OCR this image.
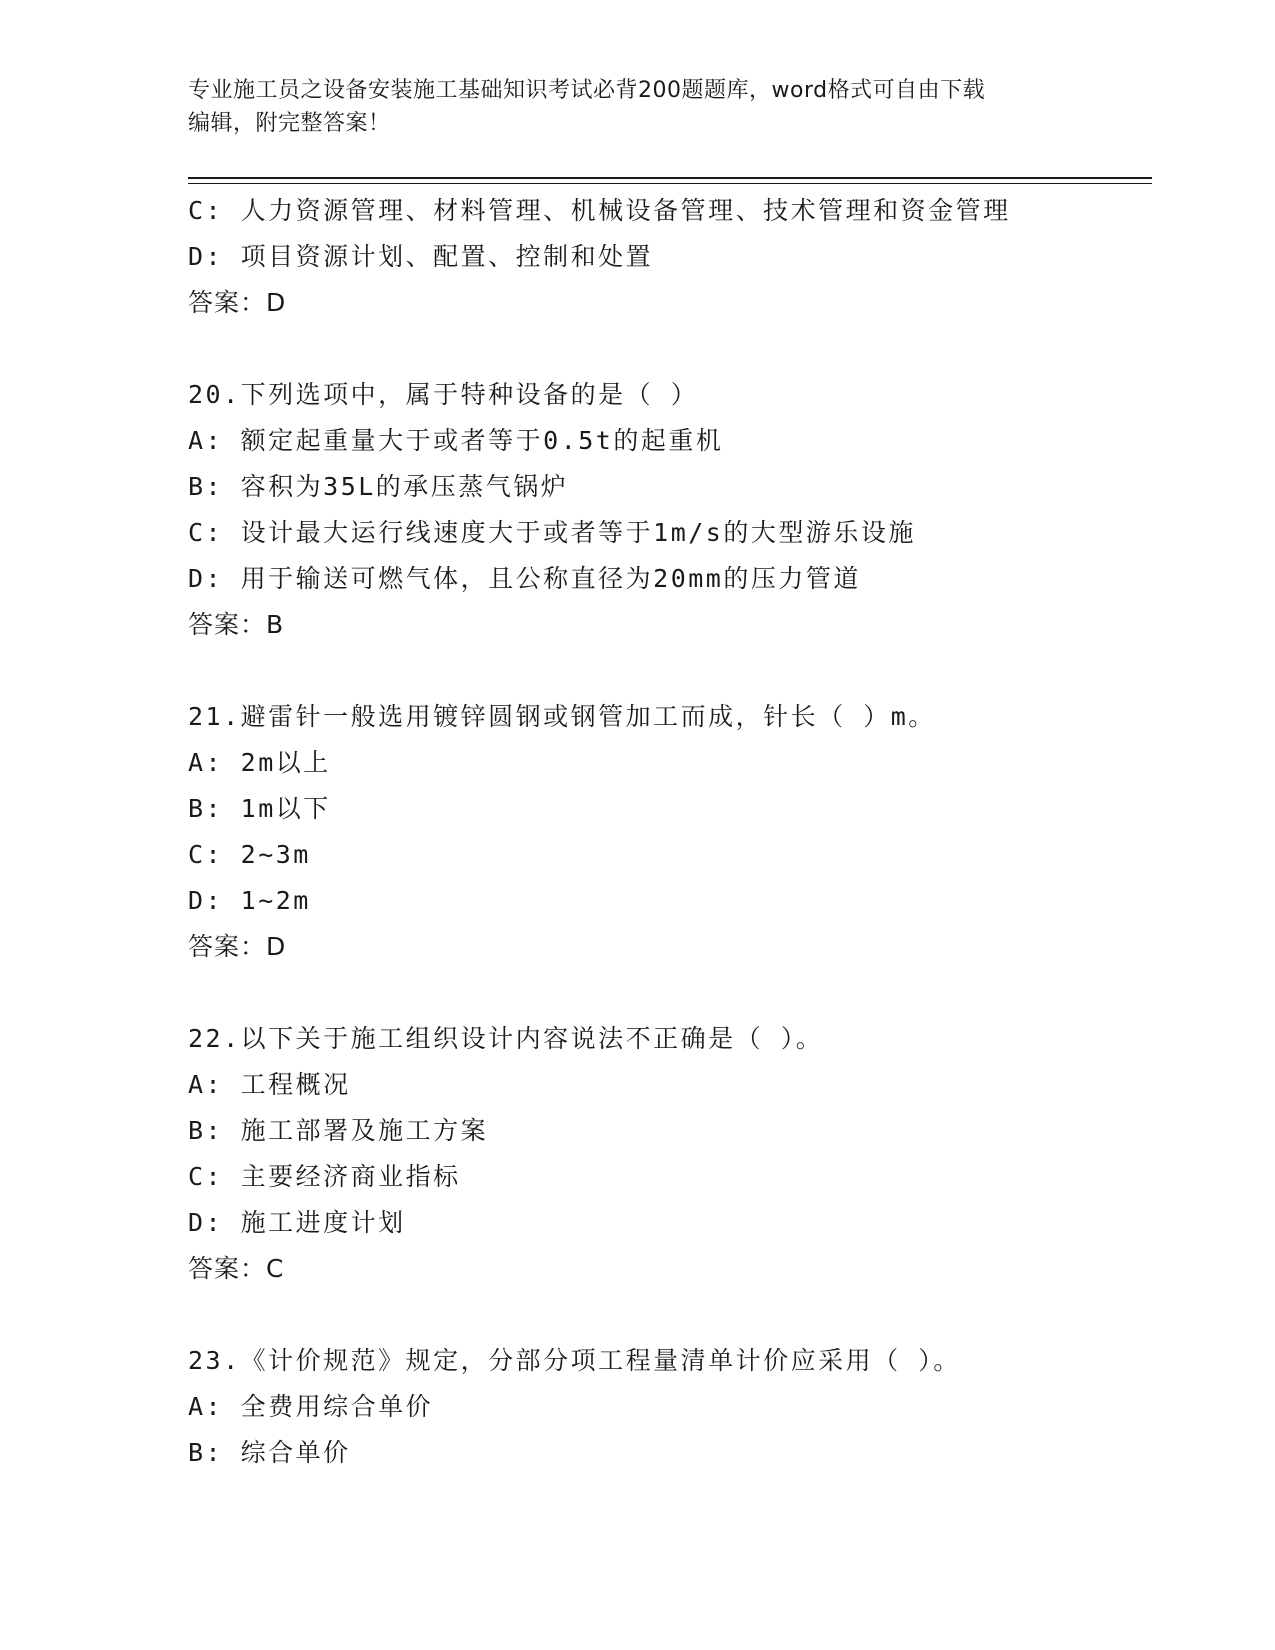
专业施工员之设备安装施工基础知识考试必背200题题库，word格式可自由下载
编辑，附完整答案！
C: 人力资源管理、材料管理、机械设备管理、技术管理和资金管理
D: 项目资源计划、配置、控制和处置
答案：D
20.下列选项中，属于特种设备的是（ ）
A: 额定起重量大于或者等于0.5t的起重机
B: 容积为35L的承压蒸气锅炉
C: 设计最大运行线速度大于或者等于1m/s的大型游乐设施
D: 用于输送可燃气体，且公称直径为20mm的压力管道
答案：B
21.避雷针一般选用镀锌圆钢或钢管加工而成，针长（ ）m。
A: 2m以上
B: 1m以下
C: 2~3m
D: 1~2m
答案：D
22.以下关于施工组织设计内容说法不正确是（ ）。
A: 工程概况
B: 施工部署及施工方案
C: 主要经济商业指标
D: 施工进度计划
答案：C
23.《计价规范》规定，分部分项工程量清单计价应采用（ ）。
A: 全费用综合单价
B: 综合单价
